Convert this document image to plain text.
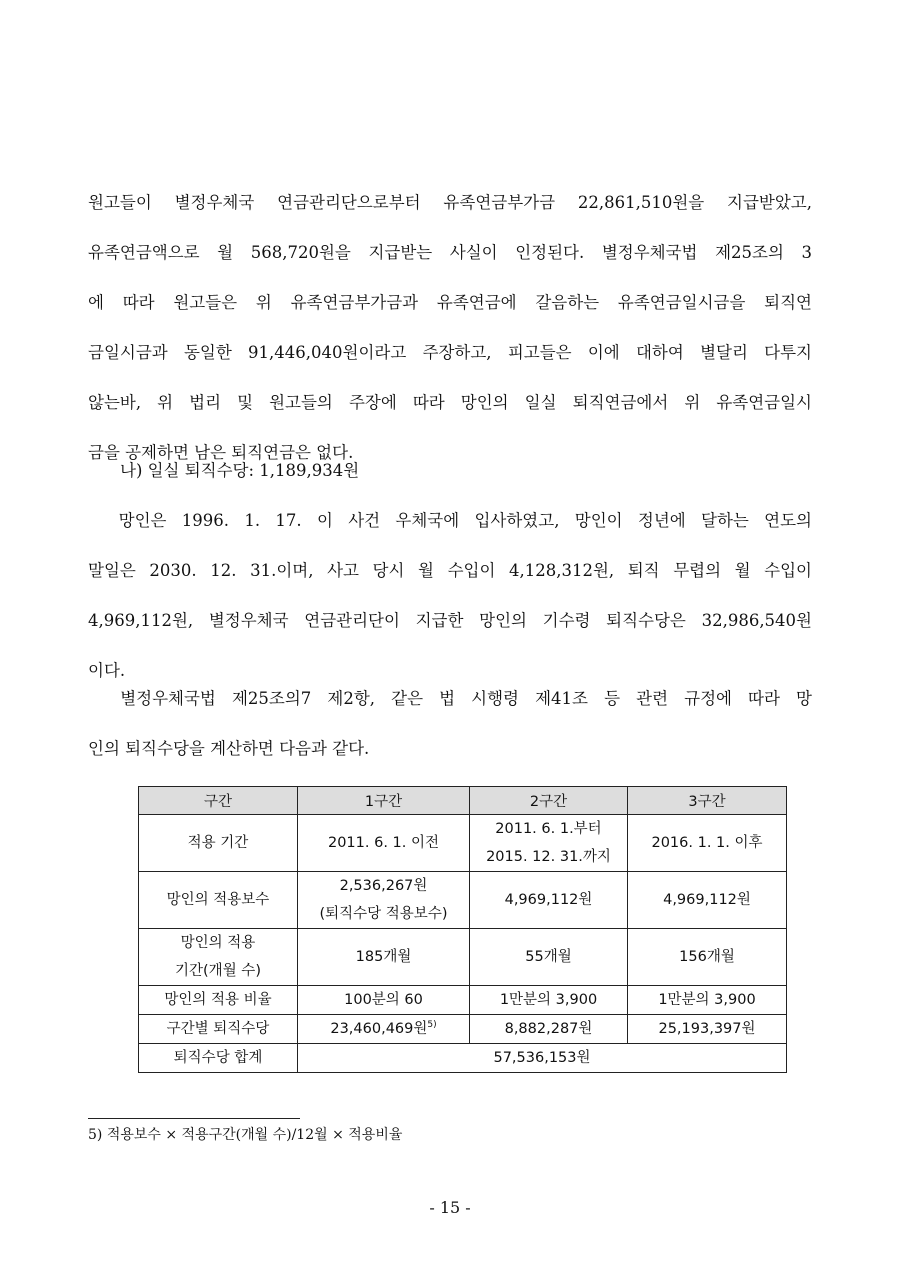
원고들이 별정우체국 연금관리단으로부터 유족연금부가금 22,861,510원을 지급받았고,
유족연금액으로 월 568,720원을 지급받는 사실이 인정된다. 별정우체국법 제25조의 3
에 따라 원고들은 위 유족연금부가금과 유족연금에 갈음하는 유족연금일시금을 퇴직연
금일시금과 동일한 91,446,040원이라고 주장하고, 피고들은 이에 대하여 별달리 다투지
않는바, 위 법리 및 원고들의 주장에 따라 망인의 일실 퇴직연금에서 위 유족연금일시
금을 공제하면 남은 퇴직연금은 없다.

나) 일실 퇴직수당: 1,189,934원

망인은 1996. 1. 17. 이 사건 우체국에 입사하였고, 망인이 정년에 달하는 연도의
말일은 2030. 12. 31.이며, 사고 당시 월 수입이 4,128,312원, 퇴직 무렵의 월 수입이
4,969,112원, 별정우체국 연금관리단이 지급한 망인의 기수령 퇴직수당은 32,986,540원
이다.

별정우체국법 제25조의7 제2항, 같은 법 시행령 제41조 등 관련 규정에 따라 망
인의 퇴직수당을 계산하면 다음과 같다.

구간	1구간	2구간	3구간
적용 기간	2011. 6. 1. 이전	2011. 6. 1.부터
2015. 12. 31.까지	2016. 1. 1. 이후
망인의 적용보수	2,536,267원
(퇴직수당 적용보수)	4,969,112원	4,969,112원

망인의 적용
기간(개월 수)	185개월	55개월	156개월
망인의 적용 비율	100분의 60	1만분의 3,900	1만분의 3,900
구간별 퇴직수당	23,460,469원$^{5)}$	8,882,287원	25,193,397원
퇴직수당 합계	57,536,153원		
5) 적용보수 × 적용구간(개월 수)/12월 × 적용비율
- 15 -
